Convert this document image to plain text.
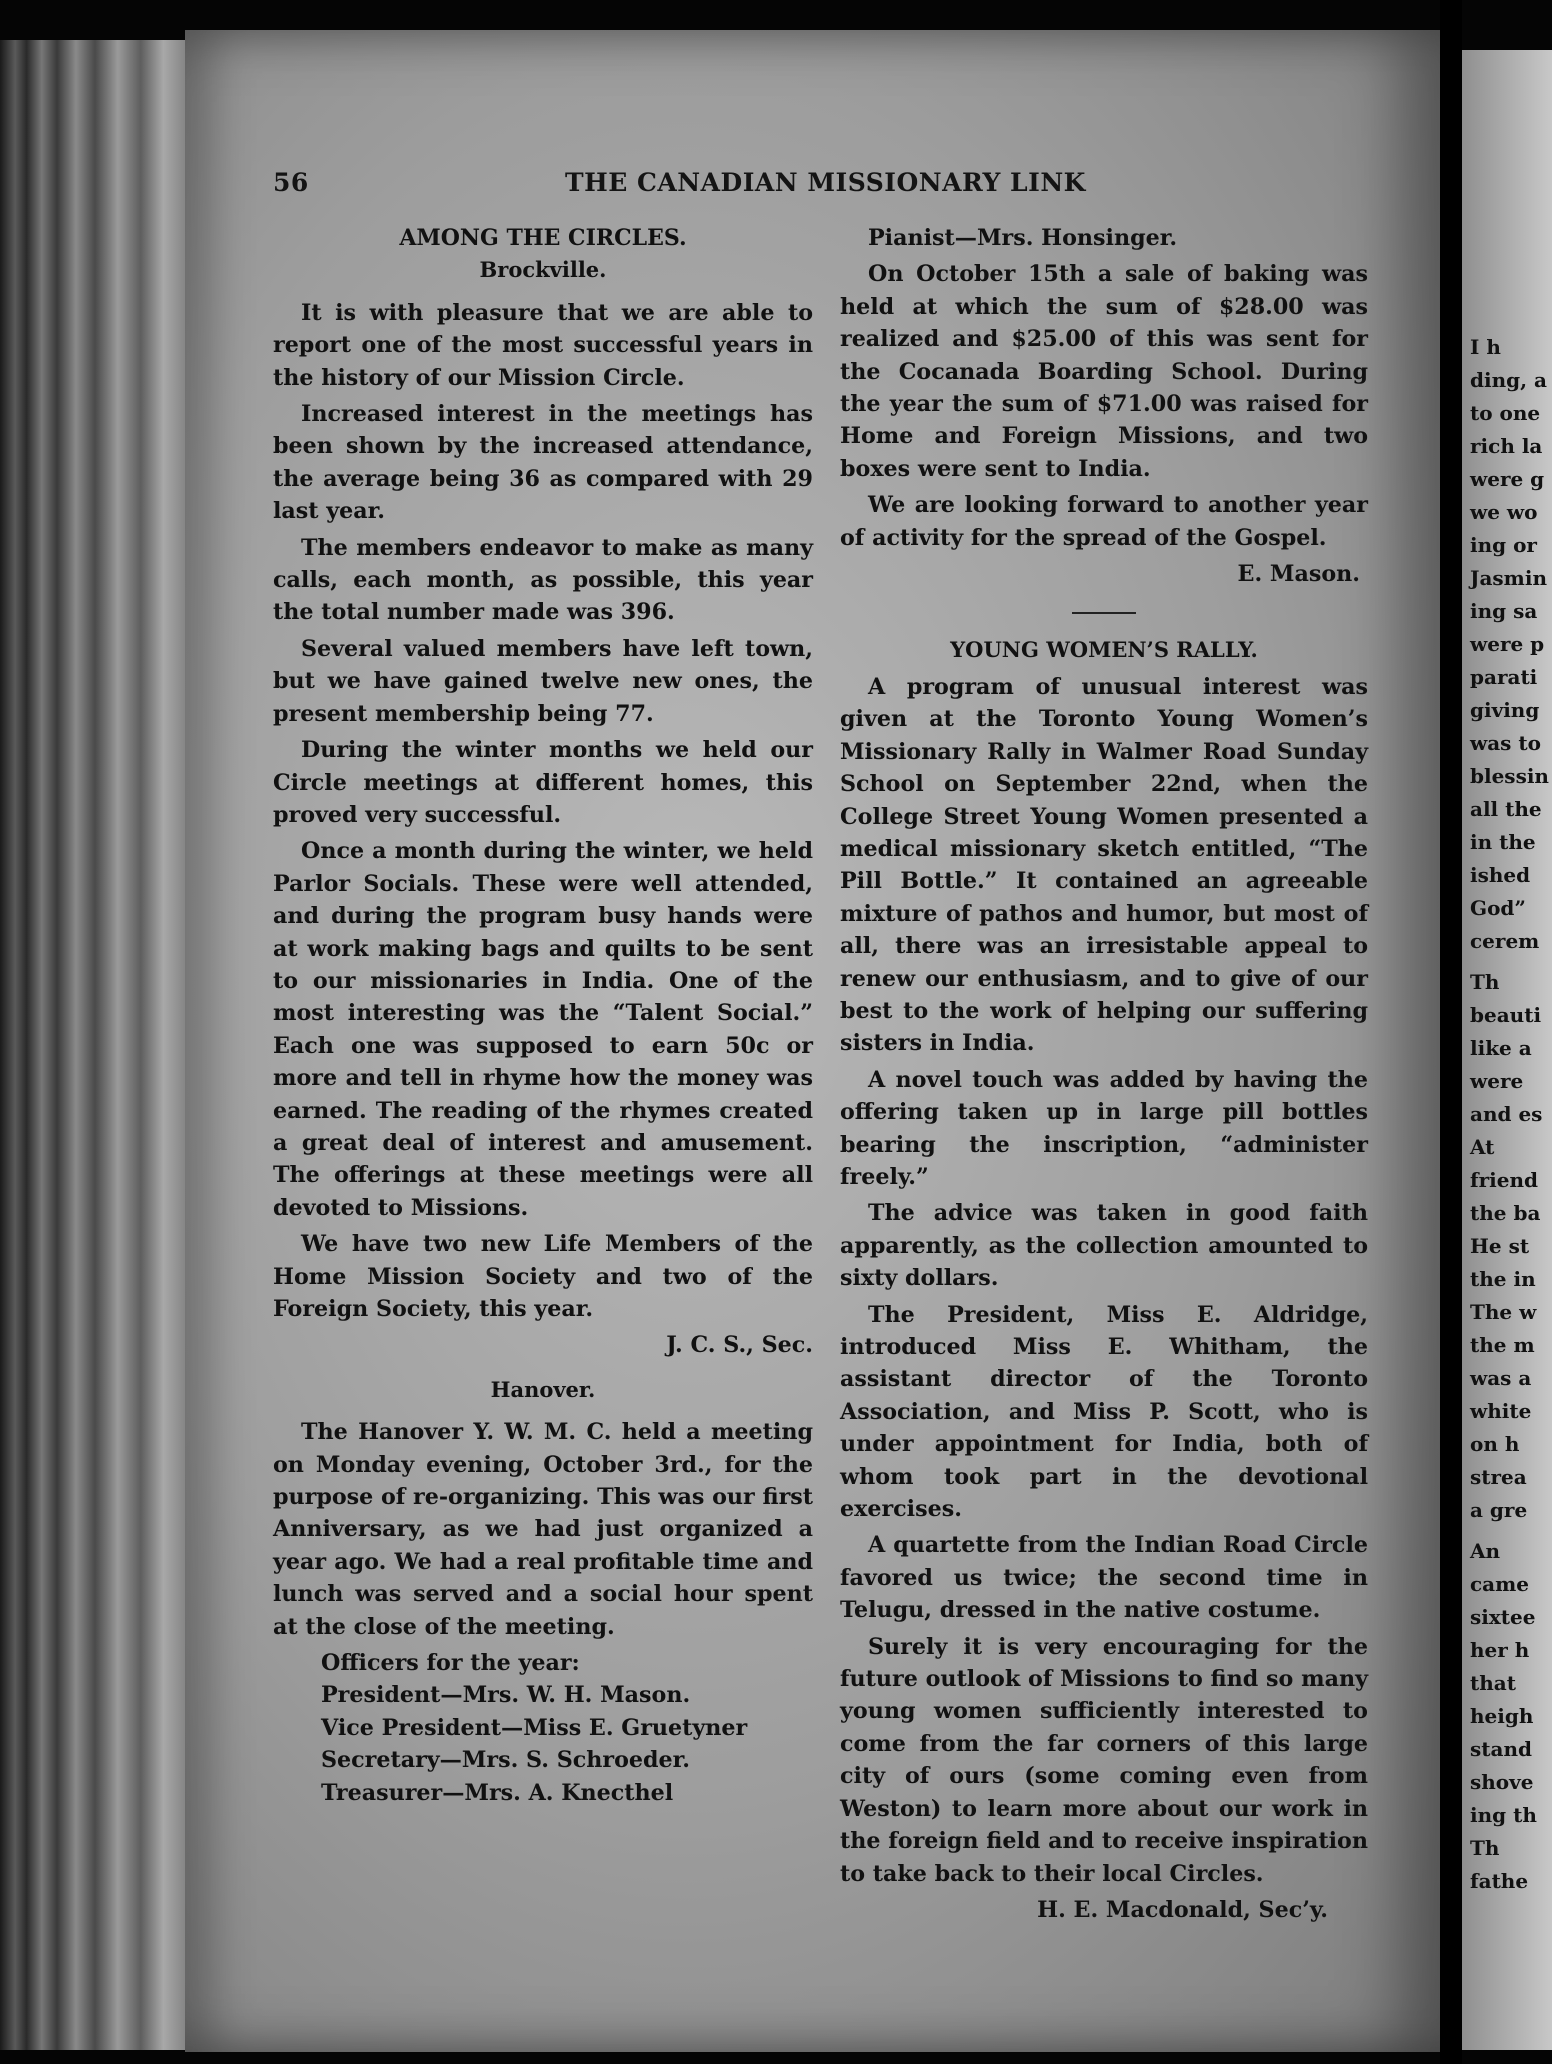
56	THE CANADIAN MISSIONARY LINK
AMONG THE CIRCLES.
Brockville.

It is with pleasure that we are able to report one of the most successful years in the history of our Mission Circle.

Increased interest in the meetings has been shown by the increased attendance, the average being 36 as compared with 29 last year.

The members endeavor to make as many calls, each month, as possible, this year the total number made was 396.

Several valued members have left town, but we have gained twelve new ones, the present membership being 77.

During the winter months we held our Circle meetings at different homes, this proved very successful.

Once a month during the winter, we held Parlor Socials. These were well attended, and during the program busy hands were at work making bags and quilts to be sent to our missionaries in India. One of the most interesting was the “Talent Social.” Each one was supposed to earn 50c or more and tell in rhyme how the money was earned. The reading of the rhymes created a great deal of interest and amusement. The offerings at these meetings were all devoted to Missions.

We have two new Life Members of the Home Mission Society and two of the Foreign Society, this year.

J. C. S., Sec.
Hanover.

The Hanover Y. W. M. C. held a meeting on Monday evening, October 3rd., for the purpose of re-organizing. This was our first Anniversary, as we had just organized a year ago. We had a real profitable time and lunch was served and a social hour spent at the close of the meeting.

Officers for the year:
President—Mrs. W. H. Mason.
Vice President—Miss E. Gruetyner
Secretary—Mrs. S. Schroeder.
Treasurer—Mrs. A. Knecthel

Pianist—Mrs. Honsinger.

On October 15th a sale of baking was held at which the sum of $28.00 was realized and $25.00 of this was sent for the Cocanada Boarding School. During the year the sum of $71.00 was raised for Home and Foreign Missions, and two boxes were sent to India.

We are looking forward to another year of activity for the spread of the Gospel.

E. Mason.
YOUNG WOMEN’S RALLY.

A program of unusual interest was given at the Toronto Young Women’s Missionary Rally in Walmer Road Sunday School on September 22nd, when the College Street Young Women presented a medical missionary sketch entitled, “The Pill Bottle.” It contained an agreeable mixture of pathos and humor, but most of all, there was an irresistable appeal to renew our enthusiasm, and to give of our best to the work of helping our suffering sisters in India.

A novel touch was added by having the offering taken up in large pill bottles bearing the inscription, “administer freely.”

The advice was taken in good faith apparently, as the collection amounted to sixty dollars.

The President, Miss E. Aldridge, introduced Miss E. Whitham, the assistant director of the Toronto Association, and Miss P. Scott, who is under appointment for India, both of whom took part in the devotional exercises.

A quartette from the Indian Road Circle favored us twice; the second time in Telugu, dressed in the native costume.

Surely it is very encouraging for the future outlook of Missions to find so many young women sufficiently interested to come from the far corners of this large city of ours (some coming even from Weston) to learn more about our work in the foreign field and to receive inspiration to take back to their local Circles.

H. E. Macdonald, Sec’y.
I h
ding, a
to one
rich la
were g
we wo
ing or
Jasmin
ing sa
were p
parati
giving
was to
blessin
all the
in the
ished
God”
cerem
Th
beauti
like a
were
and es
At
friend
the ba
He st
the in
The w
the m
was a
white
on h
strea
a gre
An
came
sixtee
her h
that
heigh
stand
shove
ing th
Th
fathe
